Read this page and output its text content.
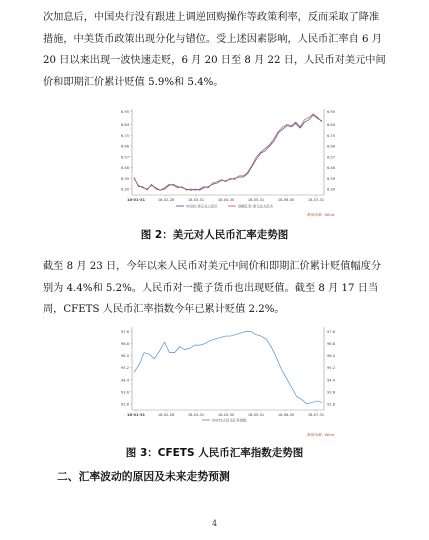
次加息后，中国央行没有跟进上调逆回购操作等政策利率，反而采取了降准措施，中美货币政策出现分化与错位。受上述因素影响，人民币汇率自 6 月 20 日以来出现一波快速走贬，6 月 20 日至 8 月 22 日，人民币对美元中间价和即期汇价累计贬值 5.9%和 5.4%。
6.95	6.95
6.84	6.84
6.75	6.75
6.66	6.66
6.57	6.57
6.48	6.48
6.39	6.39
6.30	6.30
18-01-31	18-02-28	18-03-31	18-04-30	18-05-31	18-06-30	18-07-31
中间价:美元兑人民币	即期汇率:美元兑人民币
数据来源：Wind
图 2：美元对人民币汇率走势图
截至 8 月 23 日，今年以来人民币对美元中间价和即期汇价累计贬值幅度分别为 4.4%和 5.2%。人民币对一揽子货币也出现贬值。截至 8 月 17 日当周，CFETS 人民币汇率指数今年已累计贬值 2.2%。
97.6	97.6
96.8	96.8
96.0	96.0
95.2	95.2
94.4	94.4
93.6	93.6
92.8	92.8
18-01-31	18-02-28	18-03-31	18-04-30	18-05-31	18-06-30	18-07-31
CFETS人民币汇率指数
数据来源：Wind
图 3：CFETS 人民币汇率指数走势图
二、汇率波动的原因及未来走势预测
4
